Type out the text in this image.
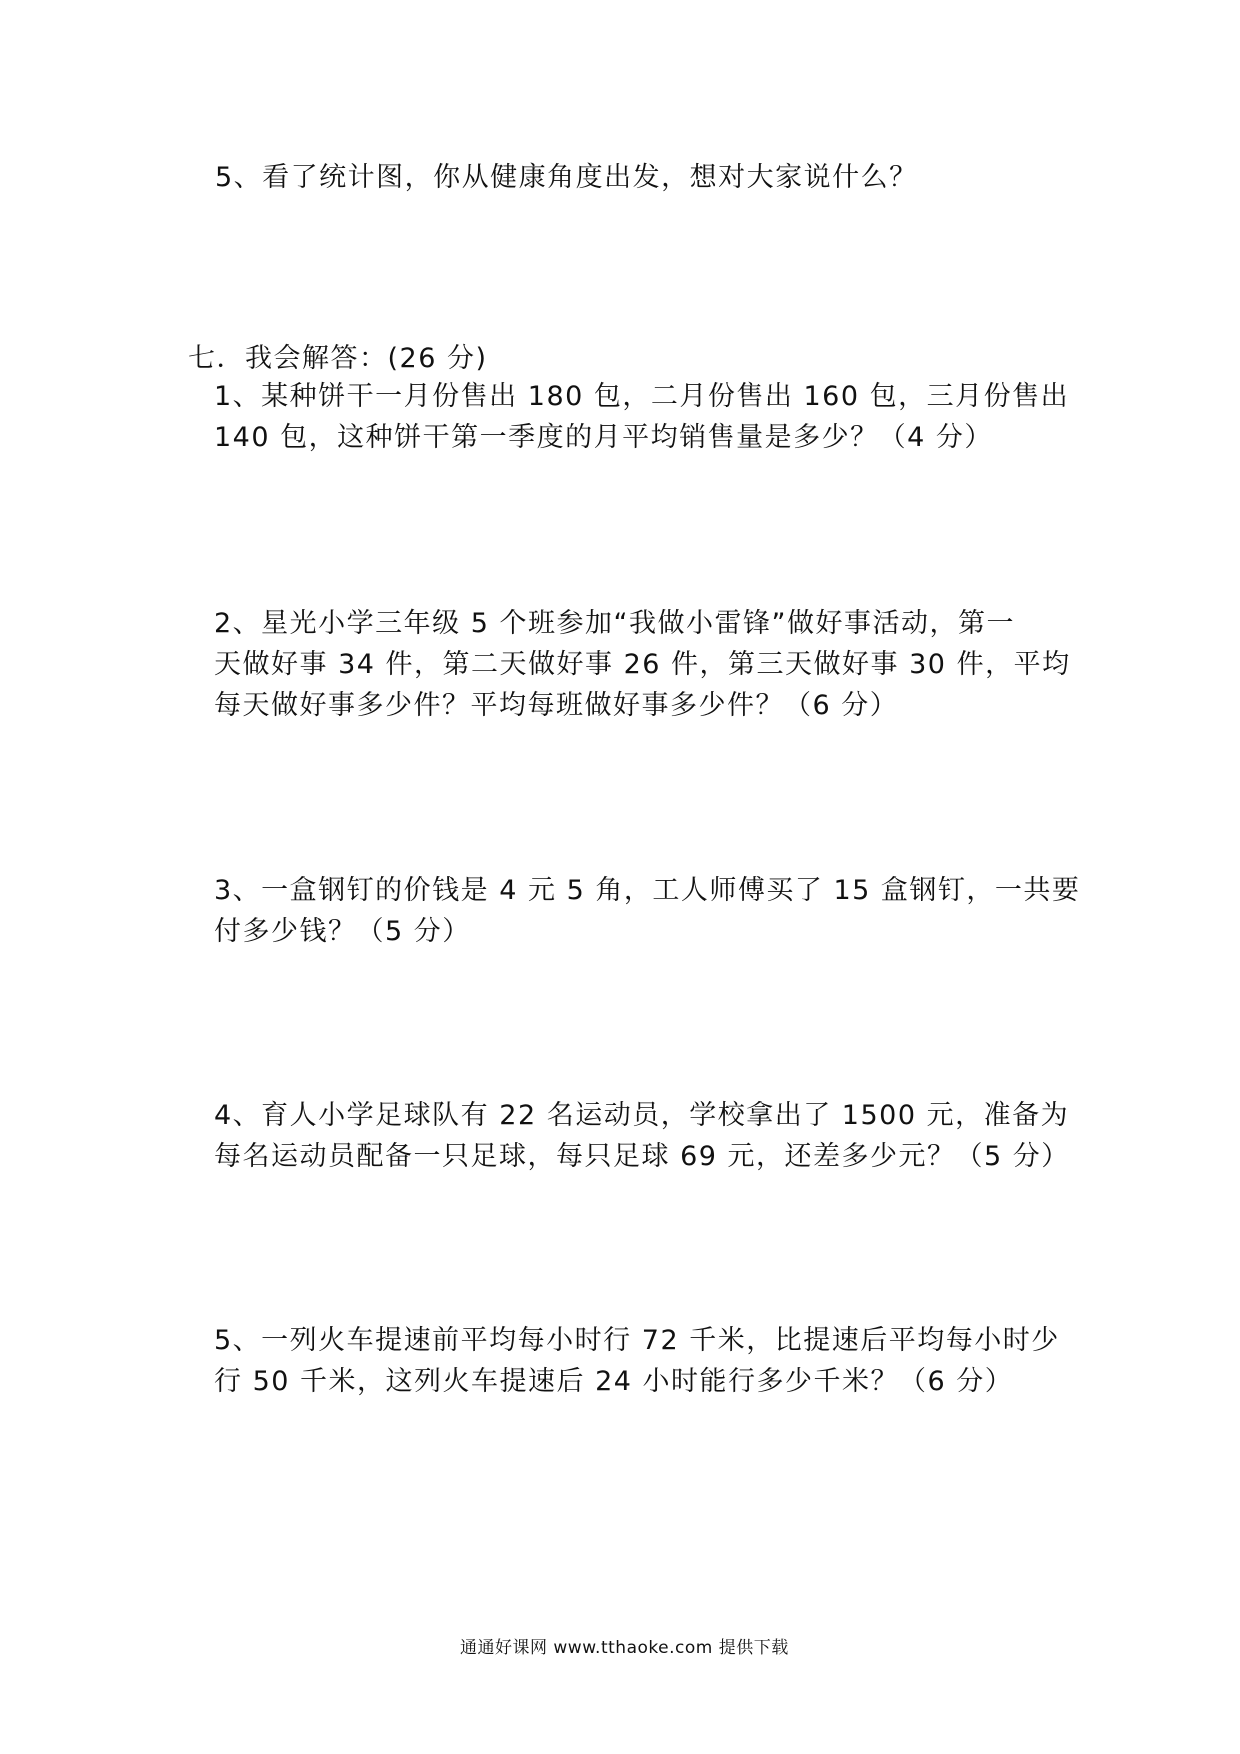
5、看了统计图，你从健康角度出发，想对大家说什么？
七．我会解答：(26 分)
1、某种饼干一月份售出 180 包，二月份售出 160 包，三月份售出
140 包，这种饼干第一季度的月平均销售量是多少？（4 分）
2、星光小学三年级 5 个班参加“我做小雷锋”做好事活动，第一
天做好事 34 件，第二天做好事 26 件，第三天做好事 30 件，平均
每天做好事多少件？平均每班做好事多少件？（6 分）
3、一盒钢钉的价钱是 4 元 5 角，工人师傅买了 15 盒钢钉，一共要
付多少钱？（5 分）
4、育人小学足球队有 22 名运动员，学校拿出了 1500 元，准备为
每名运动员配备一只足球，每只足球 69 元，还差多少元？（5 分）
5、一列火车提速前平均每小时行 72 千米，比提速后平均每小时少
行 50 千米，这列火车提速后 24 小时能行多少千米？（6 分）
通通好课网 www.tthaoke.com 提供下载
